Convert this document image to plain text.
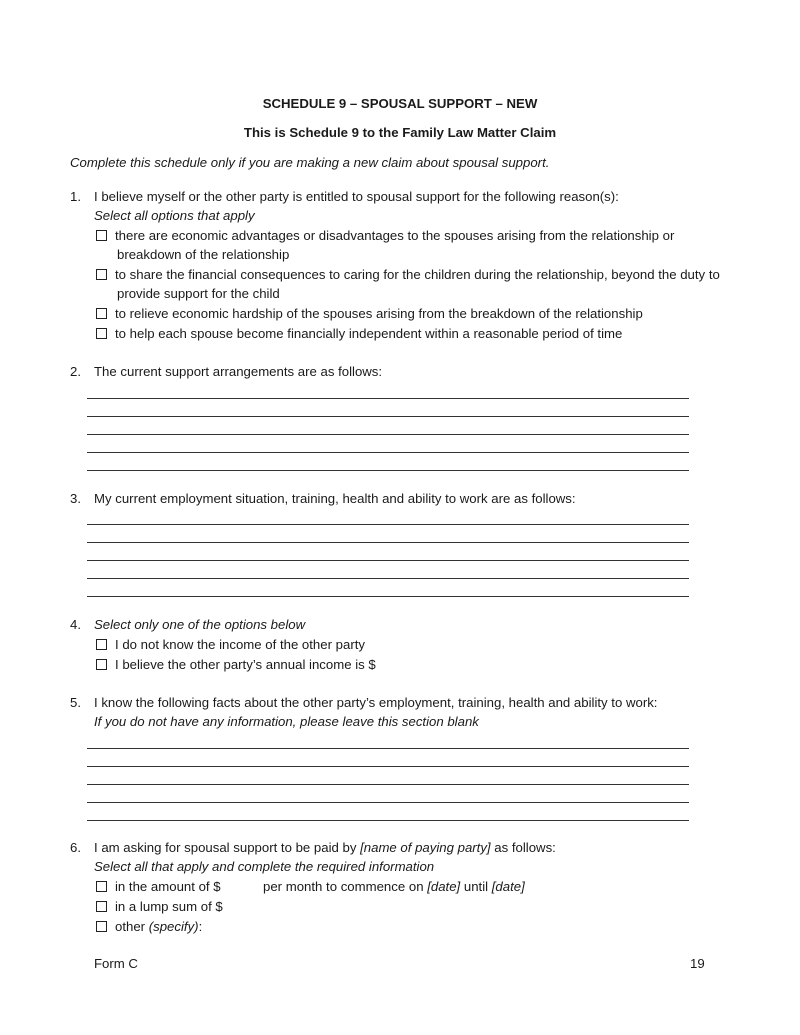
SCHEDULE 9 – SPOUSAL SUPPORT – NEW
This is Schedule 9 to the Family Law Matter Claim
Complete this schedule only if you are making a new claim about spousal support.
1. I believe myself or the other party is entitled to spousal support for the following reason(s):
Select all options that apply
there are economic advantages or disadvantages to the spouses arising from the relationship or
breakdown of the relationship
to share the financial consequences to caring for the children during the relationship, beyond the duty to
provide support for the child
to relieve economic hardship of the spouses arising from the breakdown of the relationship
to help each spouse become financially independent within a reasonable period of time
2. The current support arrangements are as follows:
3. My current employment situation, training, health and ability to work are as follows:
4. Select only one of the options below
I do not know the income of the other party
I believe the other party’s annual income is $
5. I know the following facts about the other party’s employment, training, health and ability to work:
If you do not have any information, please leave this section blank
6. I am asking for spousal support to be paid by [name of paying party] as follows:
Select all that apply and complete the required information
in the amount of $	per month to commence on [date] until [date]
in a lump sum of $
other (specify):
Form C	19
